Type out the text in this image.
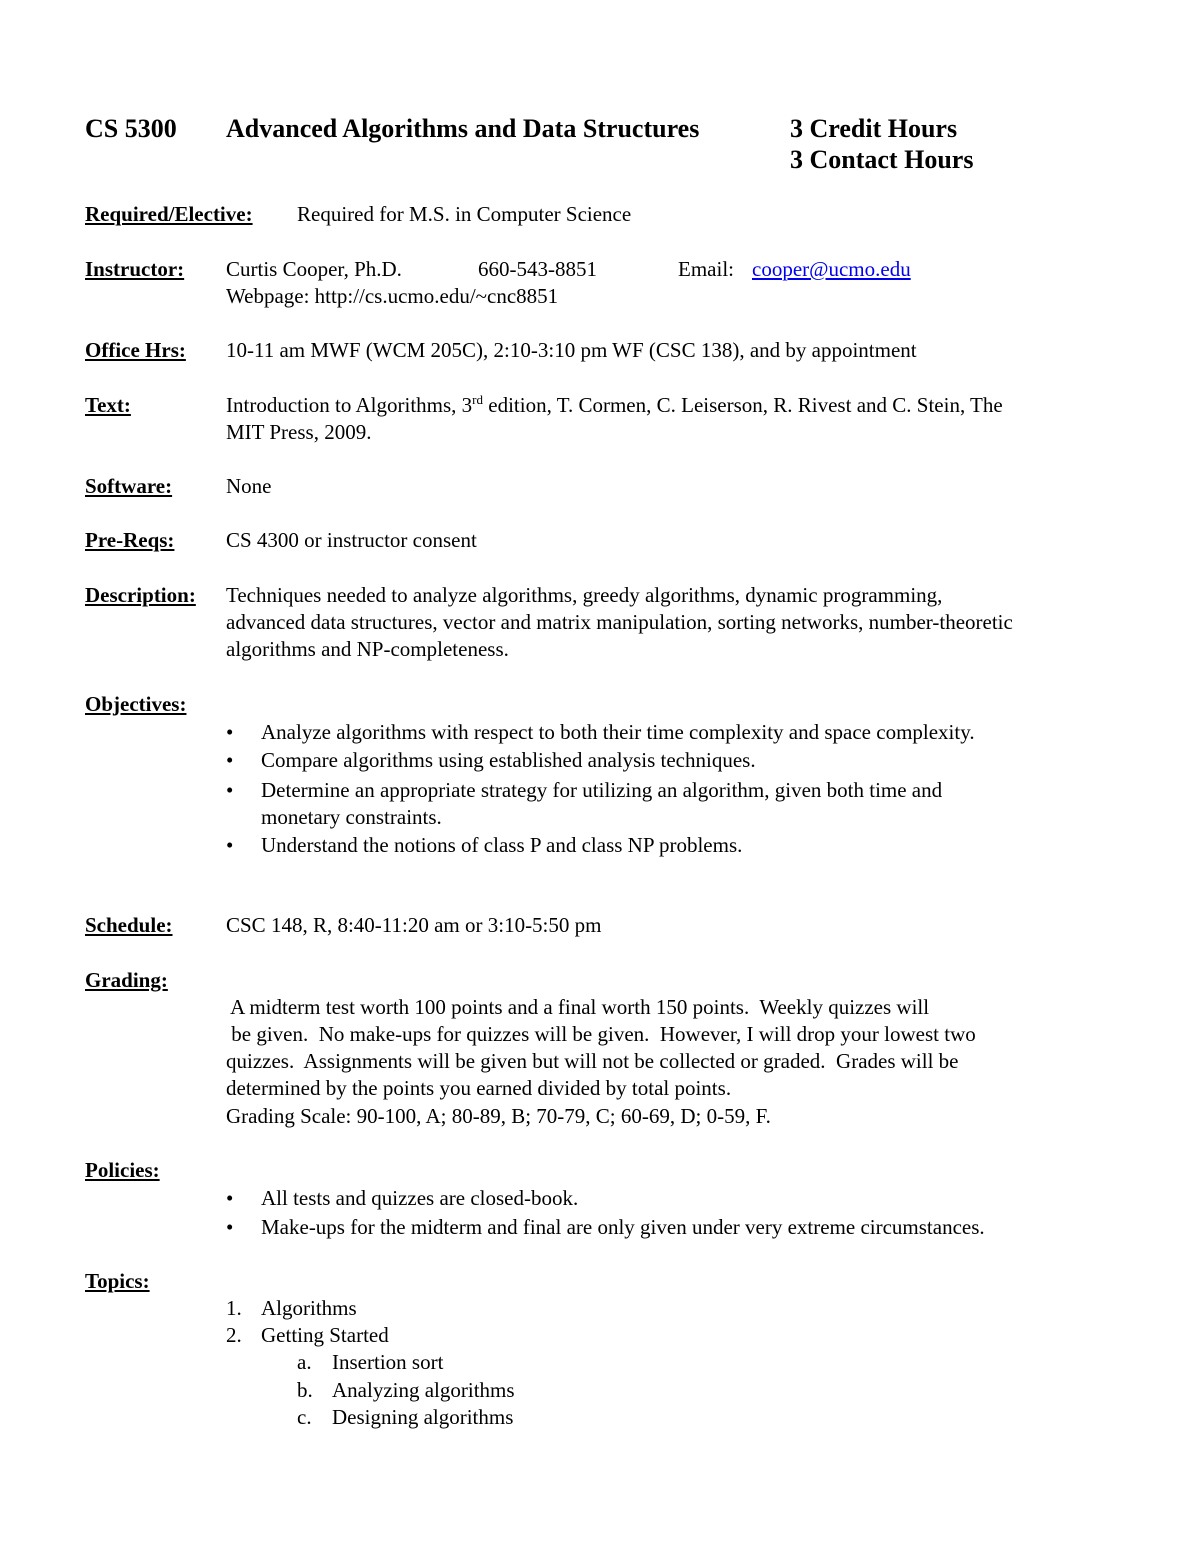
CS 5300 Advanced Algorithms and Data Structures	3 Credit Hours
3 Contact Hours
Required/Elective: Required for M.S. in Computer Science
Instructor: Curtis Cooper, Ph.D.	660-543-8851	Email: cooper@ucmo.edu
Webpage: http://cs.ucmo.edu/~cnc8851
Office Hrs: 10-11 am MWF (WCM 205C), 2:10-3:10 pm WF (CSC 138), and by appointment
Text:	Introduction to Algorithms, 3rd edition, T. Cormen, C. Leiserson, R. Rivest and C. Stein, The
MIT Press, 2009.
Software:	None
Pre-Reqs: CS 4300 or instructor consent
Description: Techniques needed to analyze algorithms, greedy algorithms, dynamic programming,
advanced data structures, vector and matrix manipulation, sorting networks, number-theoretic
algorithms and NP-completeness.
Objectives:
• Analyze algorithms with respect to both their time complexity and space complexity.
• Compare algorithms using established analysis techniques.
• Determine an appropriate strategy for utilizing an algorithm, given both time and
monetary constraints.
• Understand the notions of class P and class NP problems.
Schedule:	CSC 148, R, 8:40-11:20 am or 3:10-5:50 pm
Grading:
A midterm test worth 100 points and a final worth 150 points.  Weekly quizzes will
be given.  No make-ups for quizzes will be given.  However, I will drop your lowest two
quizzes.  Assignments will be given but will not be collected or graded.  Grades will be
determined by the points you earned divided by total points.
Grading Scale: 90-100, A; 80-89, B; 70-79, C; 60-69, D; 0-59, F.
Policies:
• All tests and quizzes are closed-book.
• Make-ups for the midterm and final are only given under very extreme circumstances.
Topics:
1. Algorithms
2. Getting Started
a. Insertion sort
b. Analyzing algorithms
c. Designing algorithms
